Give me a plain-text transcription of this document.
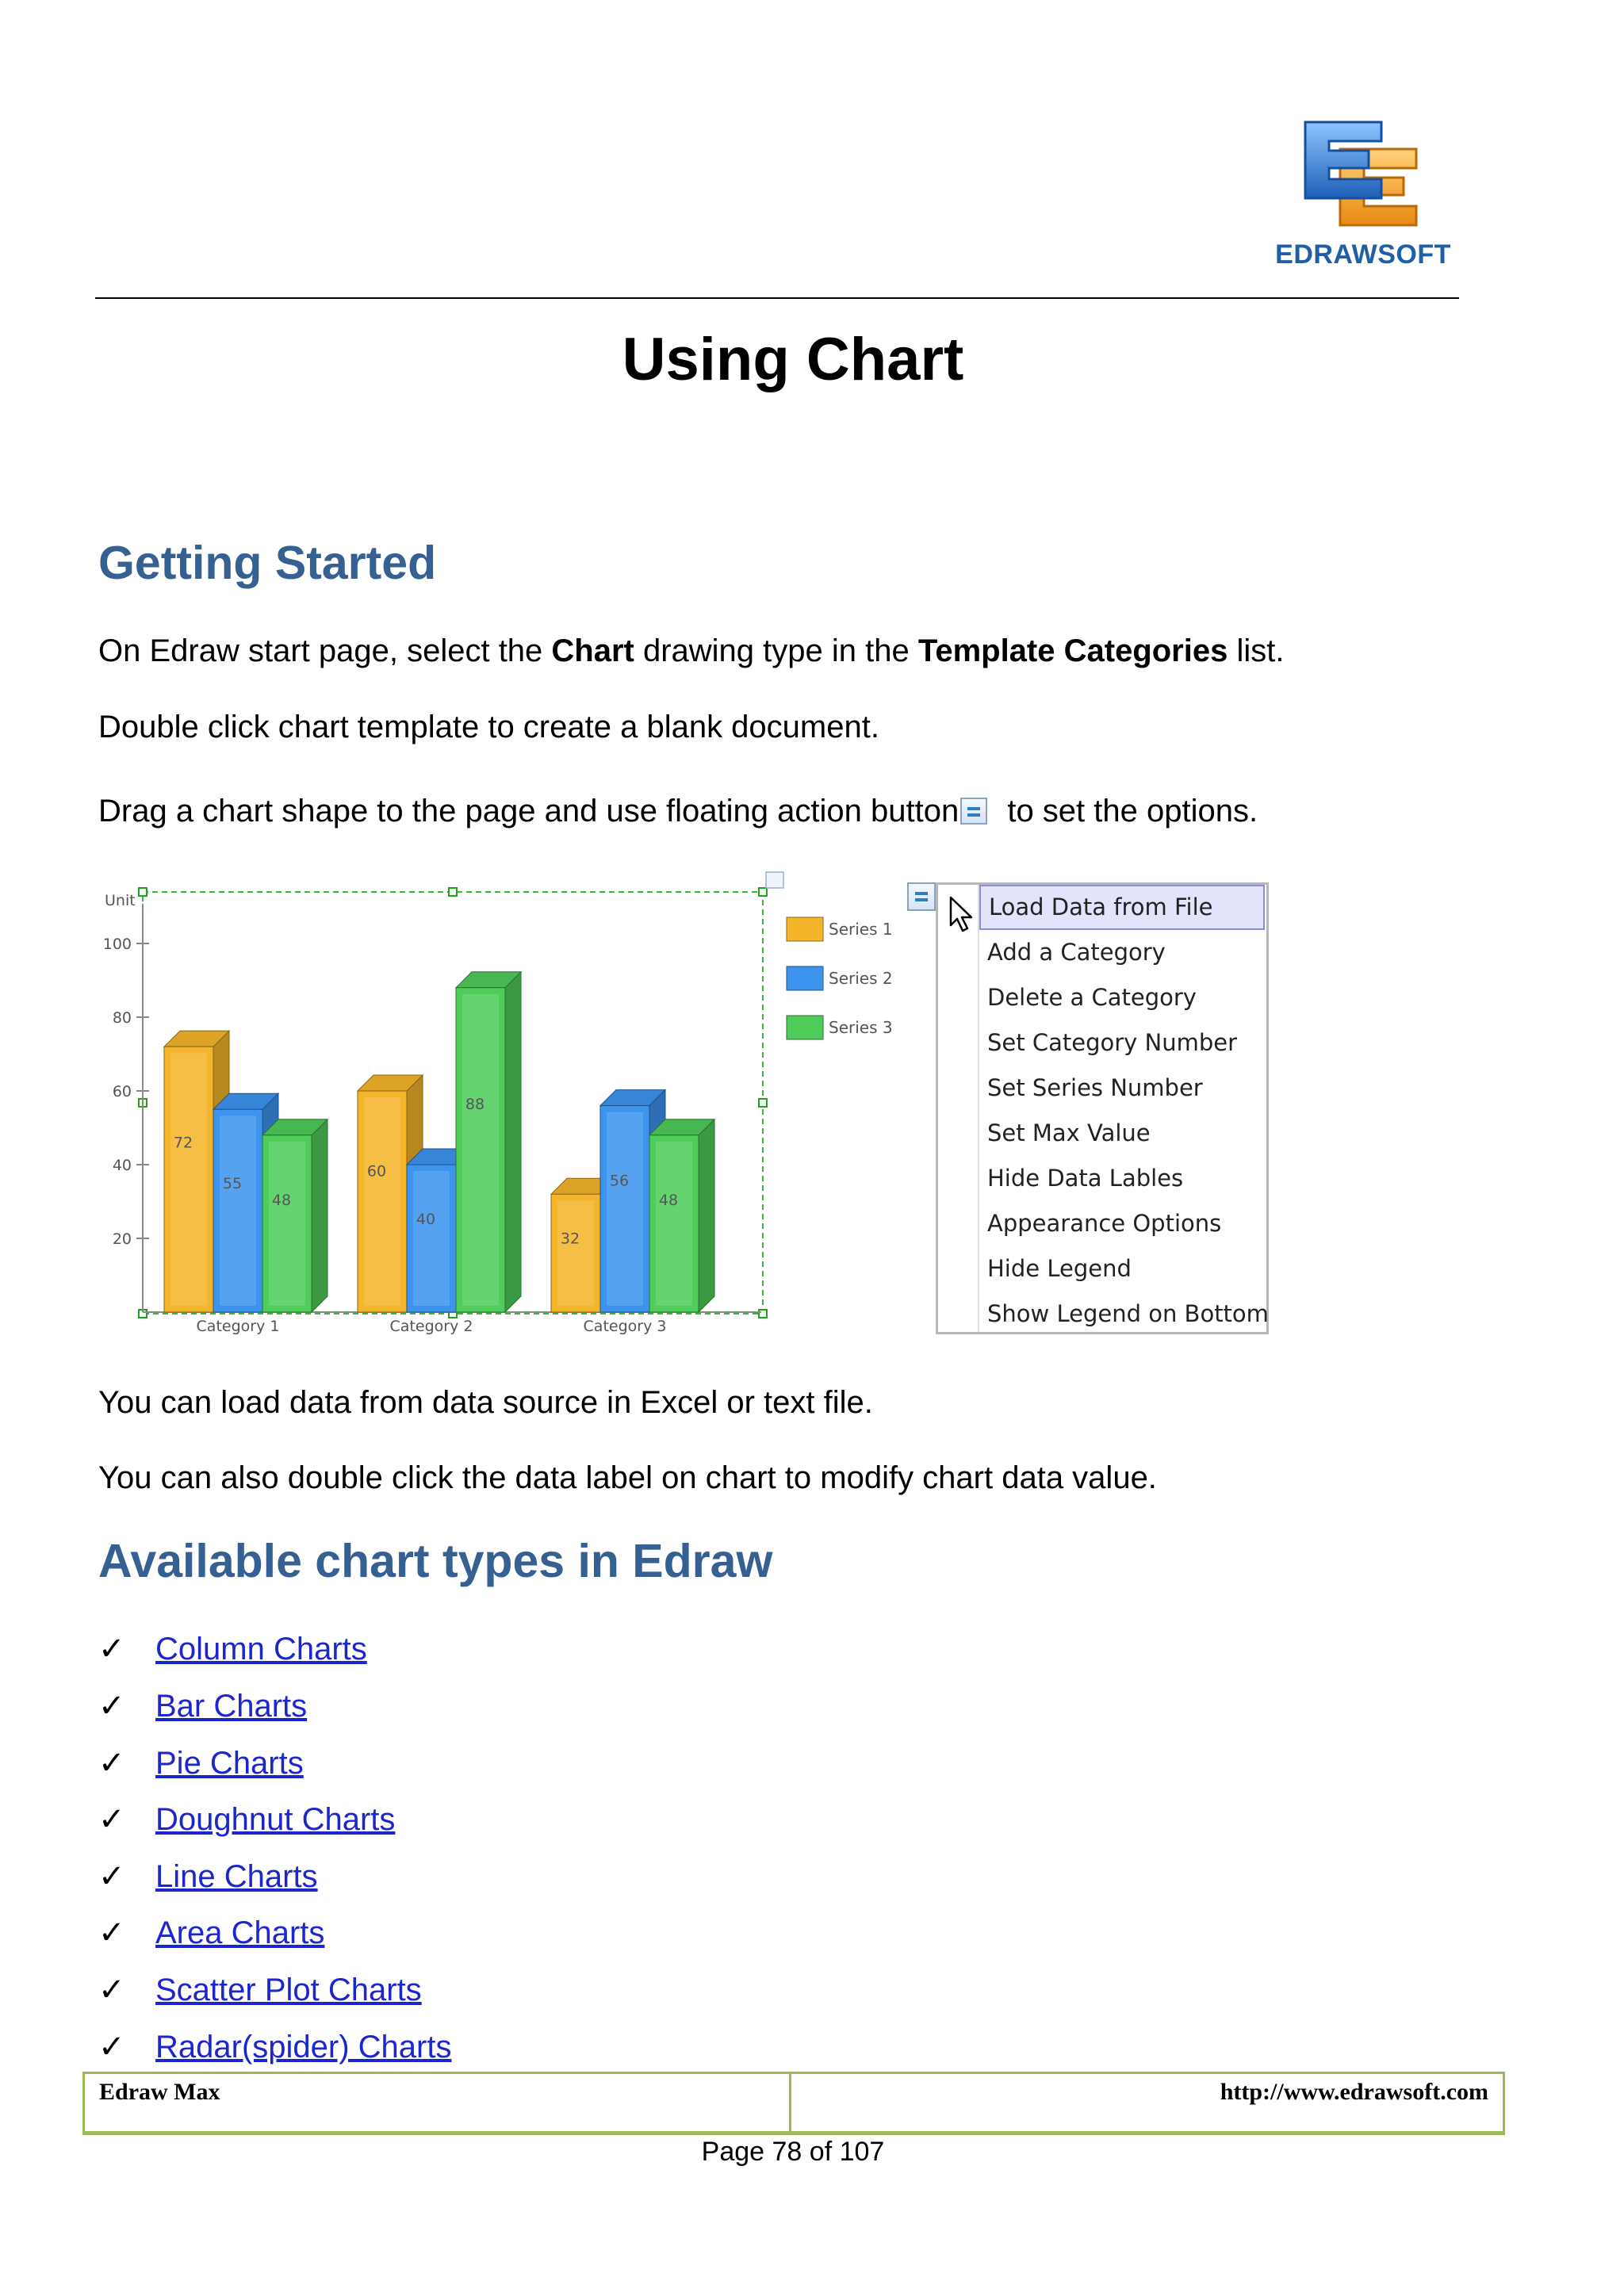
EDRAWSOFT
Using Chart
Getting Started

On Edraw start page, select the Chart drawing type in the Template Categories list.

Double click chart template to create a blank document.

Drag a chart shape to the page and use floating action button to set the options.

Unit
20
40
60
80
100
72
55
48
Category 1
60
40
88
Category 2
32
56
48
Category 3
Series 1
Series 2
Series 3
Load Data from File
Add a Category
Delete a Category
Set Category Number
Set Series Number
Set Max Value
Hide Data Lables
Appearance Options
Hide Legend
Show Legend on Bottom

You can load data from data source in Excel or text file.

You can also double click the data label on chart to modify chart data value.

Available chart types in Edraw
✓ Column Charts
✓ Bar Charts
✓ Pie Charts
✓ Doughnut Charts
✓ Line Charts
✓ Area Charts
✓ Scatter Plot Charts
✓ Radar(spider) Charts
Edraw Max	http://www.edrawsoft.com
Page 78 of 107
